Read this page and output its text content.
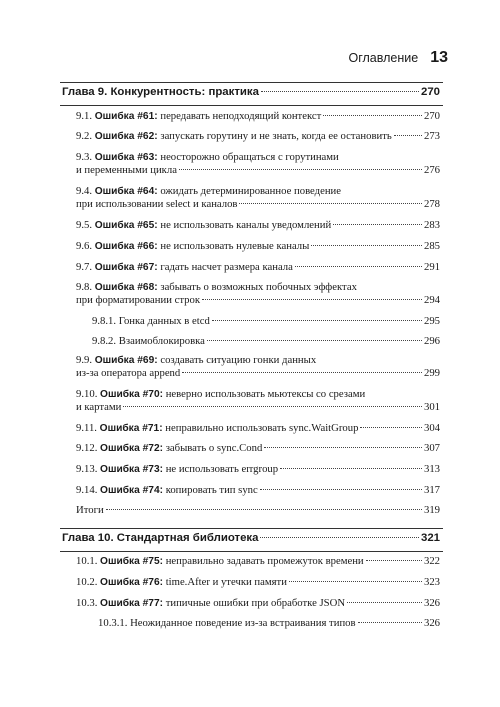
Оглавление 13
Глава 9. Конкурентность: практика	270
9.1. Ошибка #61: передавать неподходящий контекст	270
9.2. Ошибка #62: запускать горутину и не знать, когда ее остановить	273
9.3. Ошибка #63: неосторожно обращаться с горутинами
и переменными цикла	276
9.4. Ошибка #64: ожидать детерминированное поведение
при использовании select и каналов	278
9.5. Ошибка #65: не использовать каналы уведомлений	283
9.6. Ошибка #66: не использовать нулевые каналы	285
9.7. Ошибка #67: гадать насчет размера канала	291
9.8. Ошибка #68: забывать о возможных побочных эффектах
при форматировании строк	294
9.8.1. Гонка данных в etcd	295
9.8.2. Взаимоблокировка	296
9.9. Ошибка #69: создавать ситуацию гонки данных
из-за оператора append	299
9.10. Ошибка #70: неверно использовать мьютексы со срезами
и картами	301
9.11. Ошибка #71: неправильно использовать sync.WaitGroup	304
9.12. Ошибка #72: забывать о sync.Cond	307
9.13. Ошибка #73: не использовать errgroup	313
9.14. Ошибка #74: копировать тип sync	317
Итоги	319
Глава 10. Стандартная библиотека	321
10.1. Ошибка #75: неправильно задавать промежуток времени	322
10.2. Ошибка #76: time.After и утечки памяти	323
10.3. Ошибка #77: типичные ошибки при обработке JSON	326
10.3.1. Неожиданное поведение из-за встраивания типов	326
